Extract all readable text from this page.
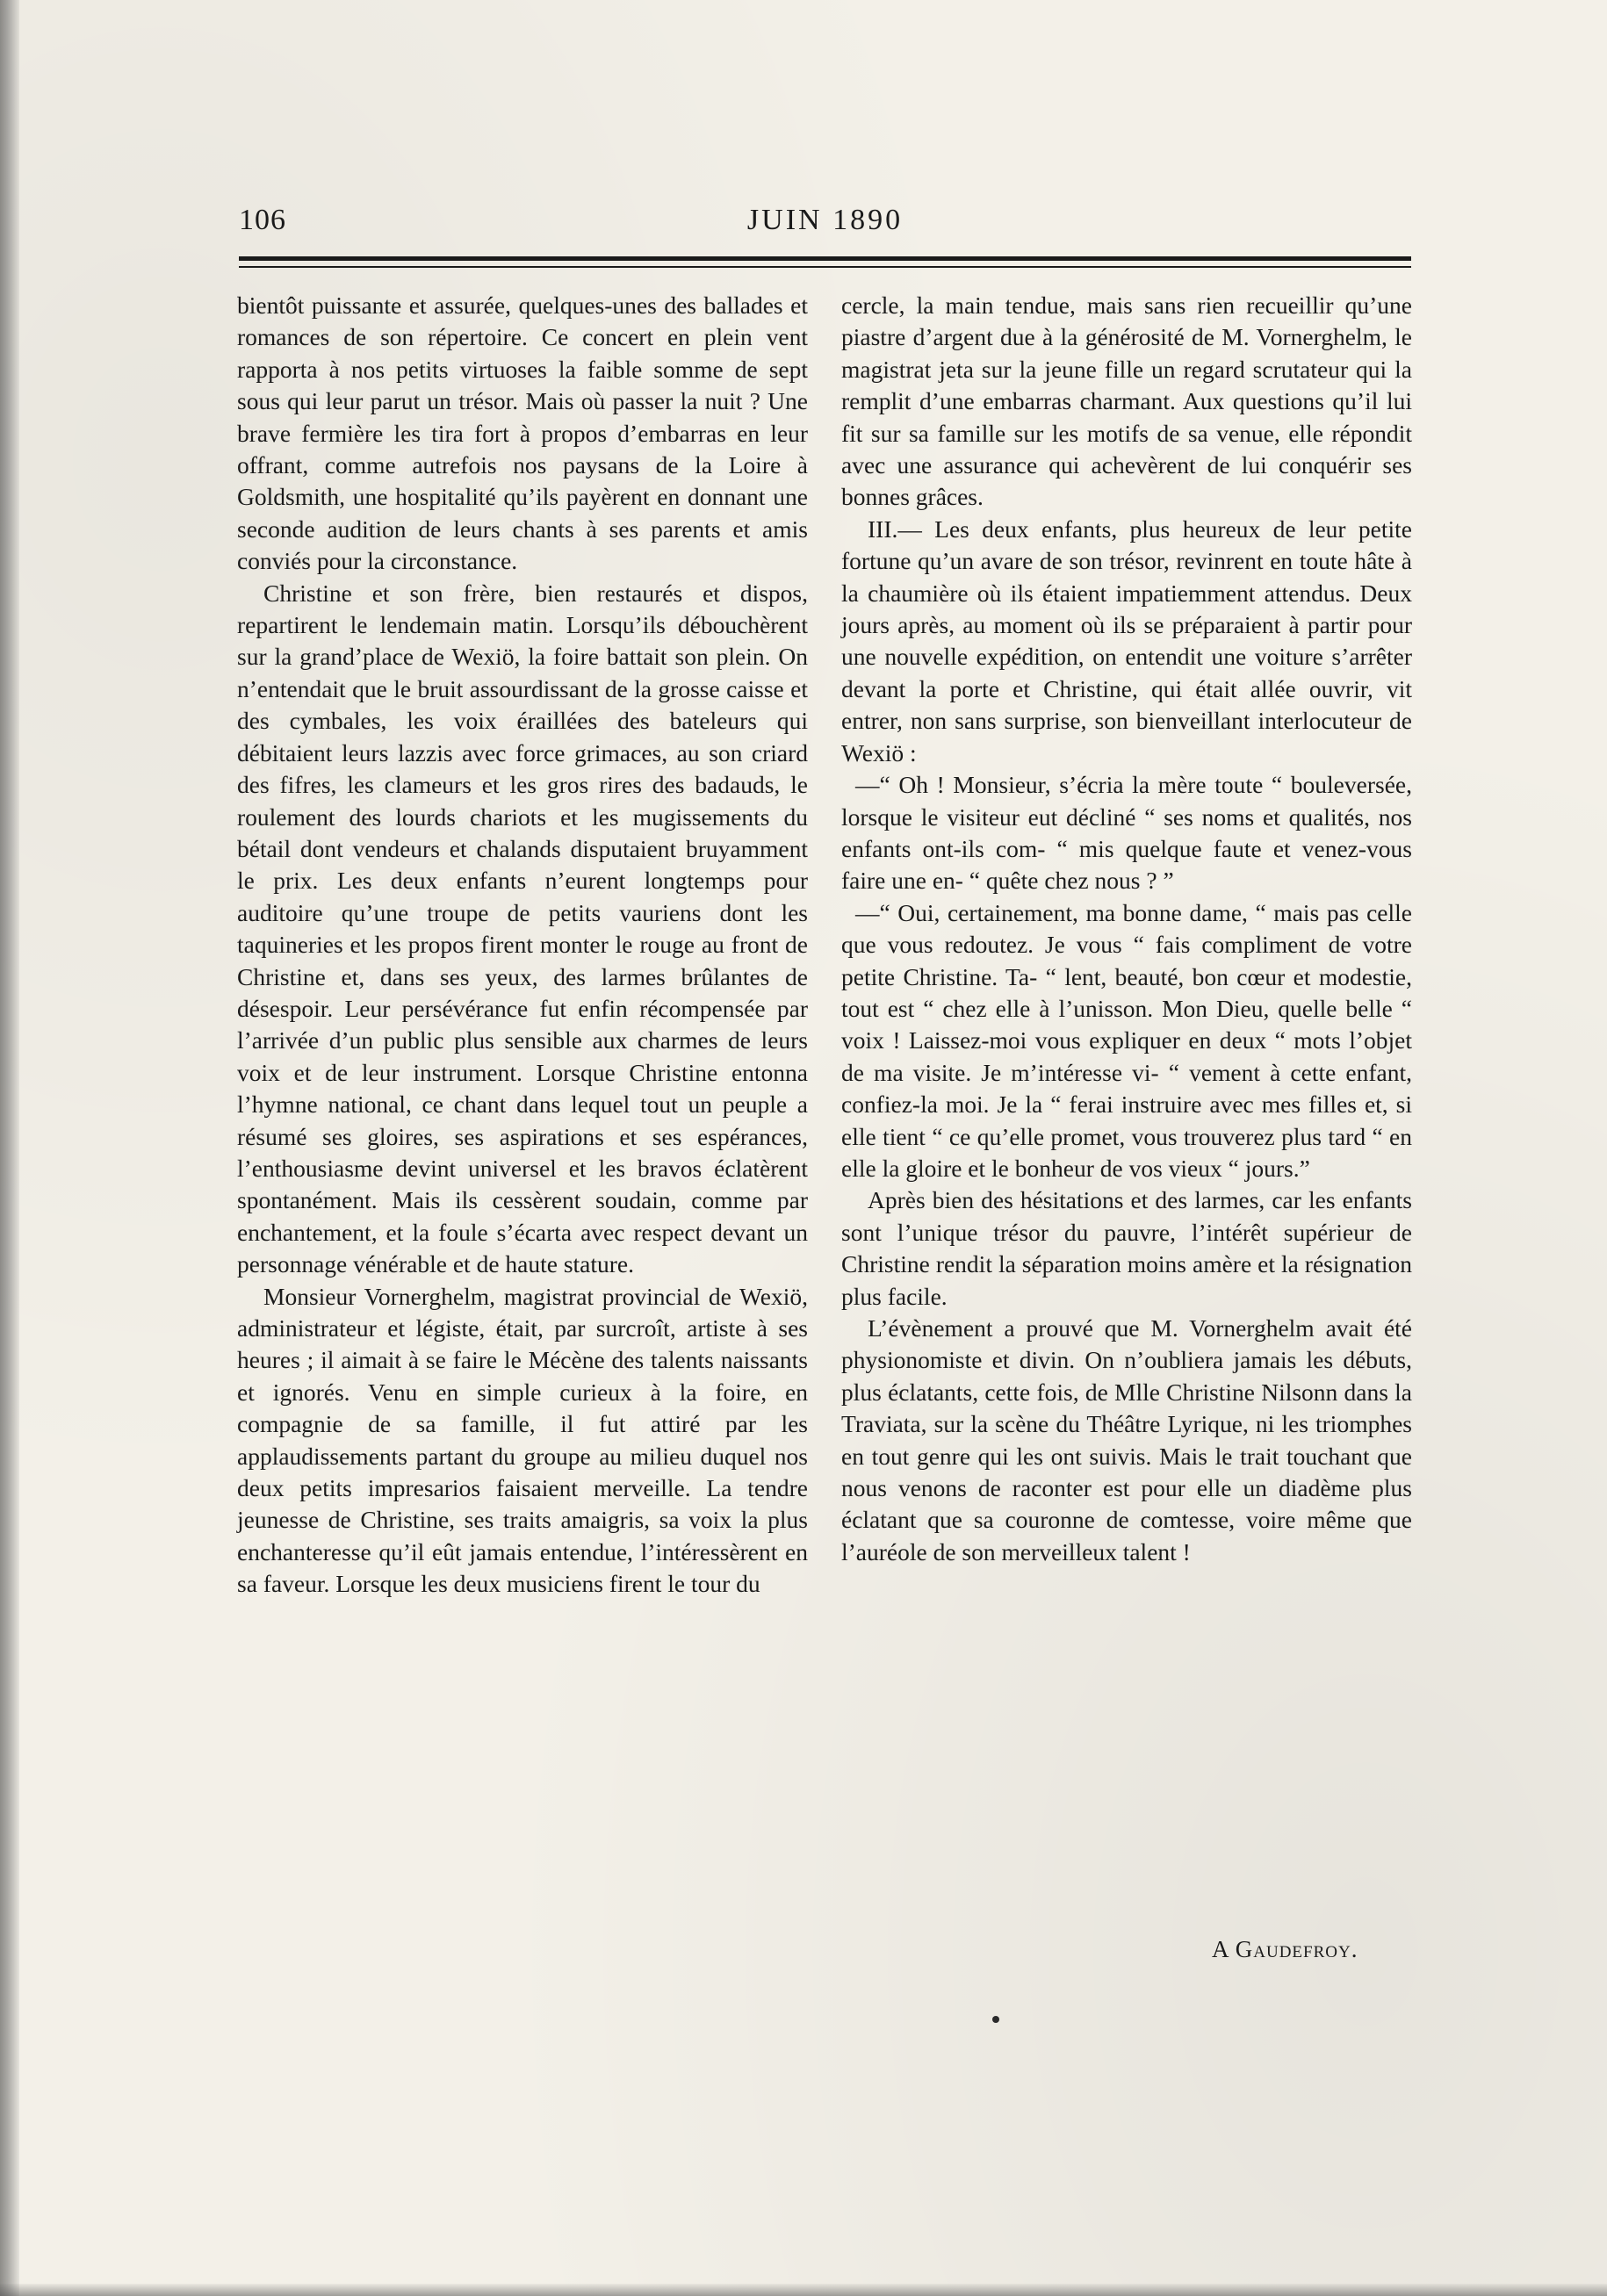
106	JUIN 1890

bientôt puissante et assurée, quelques-unes des ballades et romances de son répertoire. Ce concert en plein vent rapporta à nos petits virtuoses la faible somme de sept sous qui leur parut un trésor. Mais où passer la nuit ? Une brave fermière les tira fort à propos d’embarras en leur offrant, comme autrefois nos paysans de la Loire à Goldsmith, une hospitalité qu’ils payèrent en donnant une seconde audition de leurs chants à ses parents et amis conviés pour la circonstance.

Christine et son frère, bien restaurés et dispos, repartirent le lendemain matin. Lorsqu’ils débouchèrent sur la grand’place de Wexiö, la foire battait son plein. On n’entendait que le bruit assourdissant de la grosse caisse et des cymbales, les voix éraillées des bateleurs qui débitaient leurs lazzis avec force grimaces, au son criard des fifres, les clameurs et les gros rires des badauds, le roulement des lourds chariots et les mugissements du bétail dont vendeurs et chalands disputaient bruyamment le prix. Les deux enfants n’eurent longtemps pour auditoire qu’une troupe de petits vauriens dont les taquineries et les propos firent monter le rouge au front de Christine et, dans ses yeux, des larmes brûlantes de désespoir. Leur persévérance fut enfin récompensée par l’arrivée d’un public plus sensible aux charmes de leurs voix et de leur instrument. Lorsque Christine entonna l’hymne national, ce chant dans lequel tout un peuple a résumé ses gloires, ses aspirations et ses espérances, l’enthousiasme devint universel et les bravos éclatèrent spontanément. Mais ils cessèrent soudain, comme par enchantement, et la foule s’écarta avec respect devant un personnage vénérable et de haute stature.

Monsieur Vornerghelm, magistrat provincial de Wexiö, administrateur et légiste, était, par surcroît, artiste à ses heures ; il aimait à se faire le Mécène des talents naissants et ignorés. Venu en simple curieux à la foire, en compagnie de sa famille, il fut attiré par les applaudissements partant du groupe au milieu duquel nos deux petits impresarios faisaient merveille. La tendre jeunesse de Christine, ses traits amaigris, sa voix la plus enchanteresse qu’il eût jamais entendue, l’intéressèrent en sa faveur. Lorsque les deux musiciens firent le tour du

cercle, la main tendue, mais sans rien recueillir qu’une piastre d’argent due à la générosité de M. Vornerghelm, le magistrat jeta sur la jeune fille un regard scrutateur qui la remplit d’une embarras charmant. Aux questions qu’il lui fit sur sa famille sur les motifs de sa venue, elle répondit avec une assurance qui achevèrent de lui conquérir ses bonnes grâces.

III.— Les deux enfants, plus heureux de leur petite fortune qu’un avare de son trésor, revinrent en toute hâte à la chaumière où ils étaient impatiemment attendus. Deux jours après, au moment où ils se préparaient à partir pour une nouvelle expédition, on entendit une voiture s’arrêter devant la porte et Christine, qui était allée ouvrir, vit entrer, non sans surprise, son bienveillant interlocuteur de Wexiö :

—“ Oh ! Monsieur, s’écria la mère toute “ bouleversée, lorsque le visiteur eut décliné “ ses noms et qualités, nos enfants ont-ils com- “ mis quelque faute et venez-vous faire une en- “ quête chez nous ? ”

—“ Oui, certainement, ma bonne dame, “ mais pas celle que vous redoutez. Je vous “ fais compliment de votre petite Christine. Ta- “ lent, beauté, bon cœur et modestie, tout est “ chez elle à l’unisson. Mon Dieu, quelle belle “ voix ! Laissez-moi vous expliquer en deux “ mots l’objet de ma visite. Je m’intéresse vi- “ vement à cette enfant, confiez-la moi. Je la “ ferai instruire avec mes filles et, si elle tient “ ce qu’elle promet, vous trouverez plus tard “ en elle la gloire et le bonheur de vos vieux “ jours.”

Après bien des hésitations et des larmes, car les enfants sont l’unique trésor du pauvre, l’intérêt supérieur de Christine rendit la séparation moins amère et la résignation plus facile.

L’évènement a prouvé que M. Vornerghelm avait été physionomiste et divin. On n’oubliera jamais les débuts, plus éclatants, cette fois, de Mlle Christine Nilsonn dans la Traviata, sur la scène du Théâtre Lyrique, ni les triomphes en tout genre qui les ont suivis. Mais le trait touchant que nous venons de raconter est pour elle un diadème plus éclatant que sa couronne de comtesse, voire même que l’auréole de son merveilleux talent !

A Gaudefroy.
